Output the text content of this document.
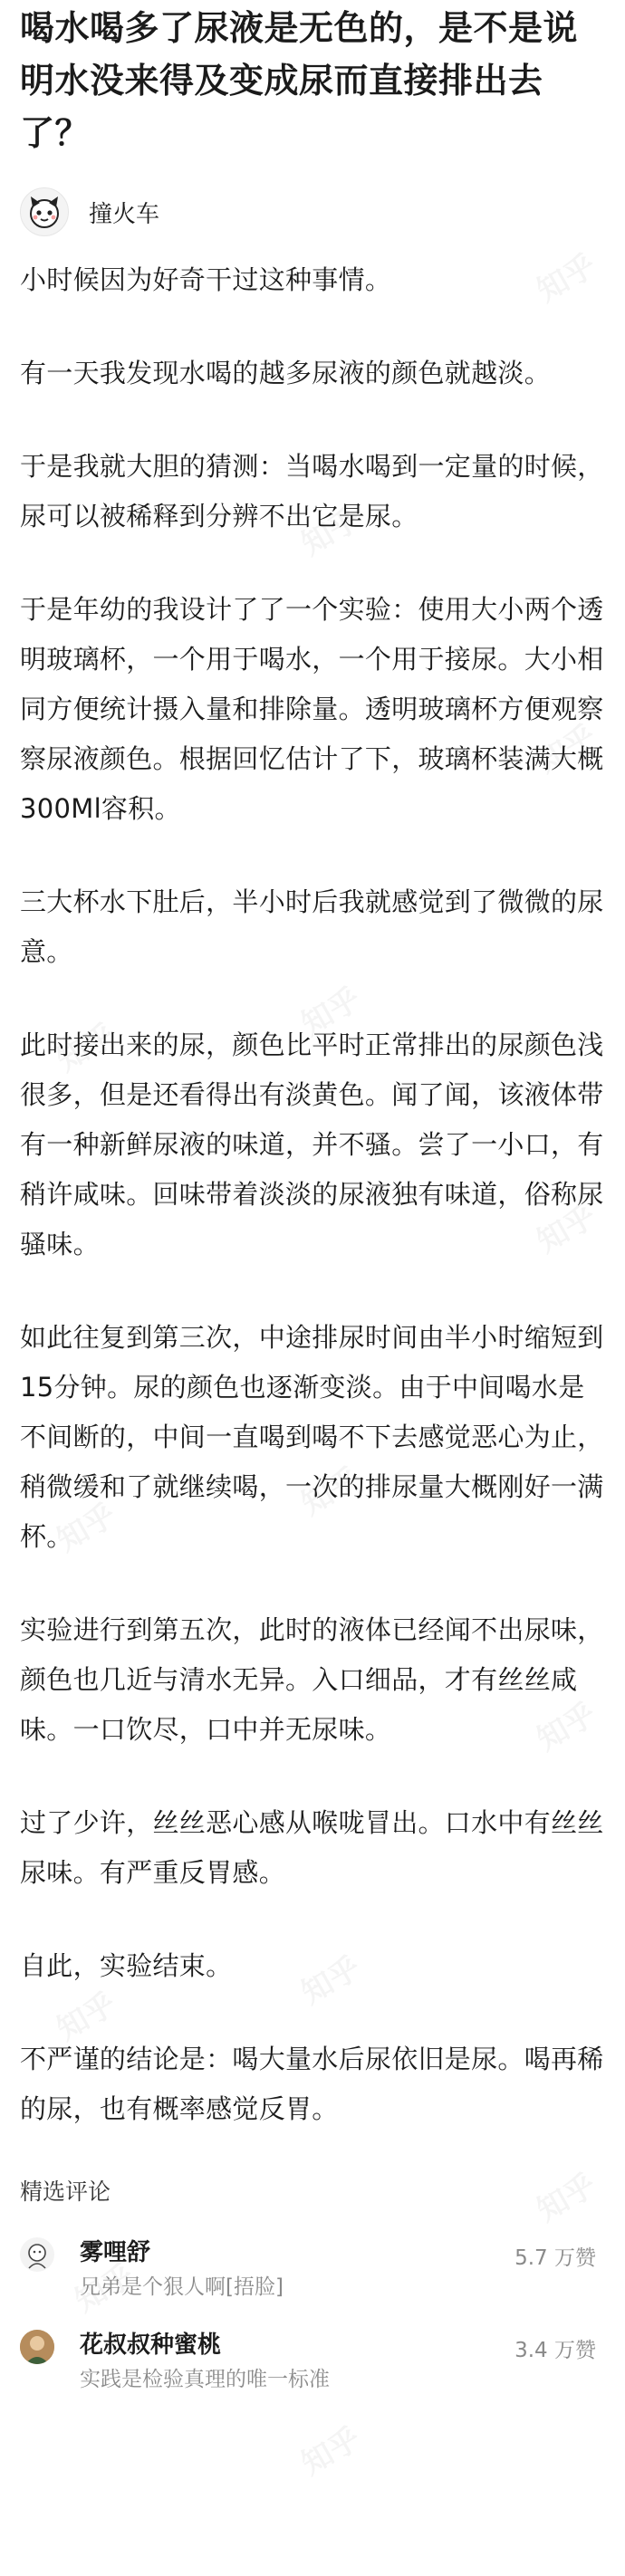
喝水喝多了尿液是无色的，是不是说明水没来得及变成尿而直接排出去了？
撞火车

小时候因为好奇干过这种事情。

有一天我发现水喝的越多尿液的颜色就越淡。

于是我就大胆的猜测：当喝水喝到一定量的时候，尿可以被稀释到分辨不出它是尿。

于是年幼的我设计了了一个实验：使用大小两个透明玻璃杯，一个用于喝水，一个用于接尿。大小相同方便统计摄入量和排除量。透明玻璃杯方便观察察尿液颜色。根据回忆估计了下，玻璃杯装满大概300Ml容积。

三大杯水下肚后，半小时后我就感觉到了微微的尿意。

此时接出来的尿，颜色比平时正常排出的尿颜色浅很多，但是还看得出有淡黄色。闻了闻，该液体带有一种新鲜尿液的味道，并不骚。尝了一小口，有稍许咸味。回味带着淡淡的尿液独有味道，俗称尿骚味。

如此往复到第三次，中途排尿时间由半小时缩短到15分钟。尿的颜色也逐渐变淡。由于中间喝水是不间断的，中间一直喝到喝不下去感觉恶心为止，稍微缓和了就继续喝，一次的排尿量大概刚好一满杯。

实验进行到第五次，此时的液体已经闻不出尿味，颜色也几近与清水无异。入口细品，才有丝丝咸味。一口饮尽，口中并无尿味。

过了少许，丝丝恶心感从喉咙冒出。口水中有丝丝尿味。有严重反胃感。

自此，实验结束。

不严谨的结论是：喝大量水后尿依旧是尿。喝再稀的尿，也有概率感觉反胃。

精选评论
雾哩舒
兄弟是个狠人啊[捂脸]
5.7 万赞
花叔叔种蜜桃
实践是检验真理的唯一标准
3.4 万赞
